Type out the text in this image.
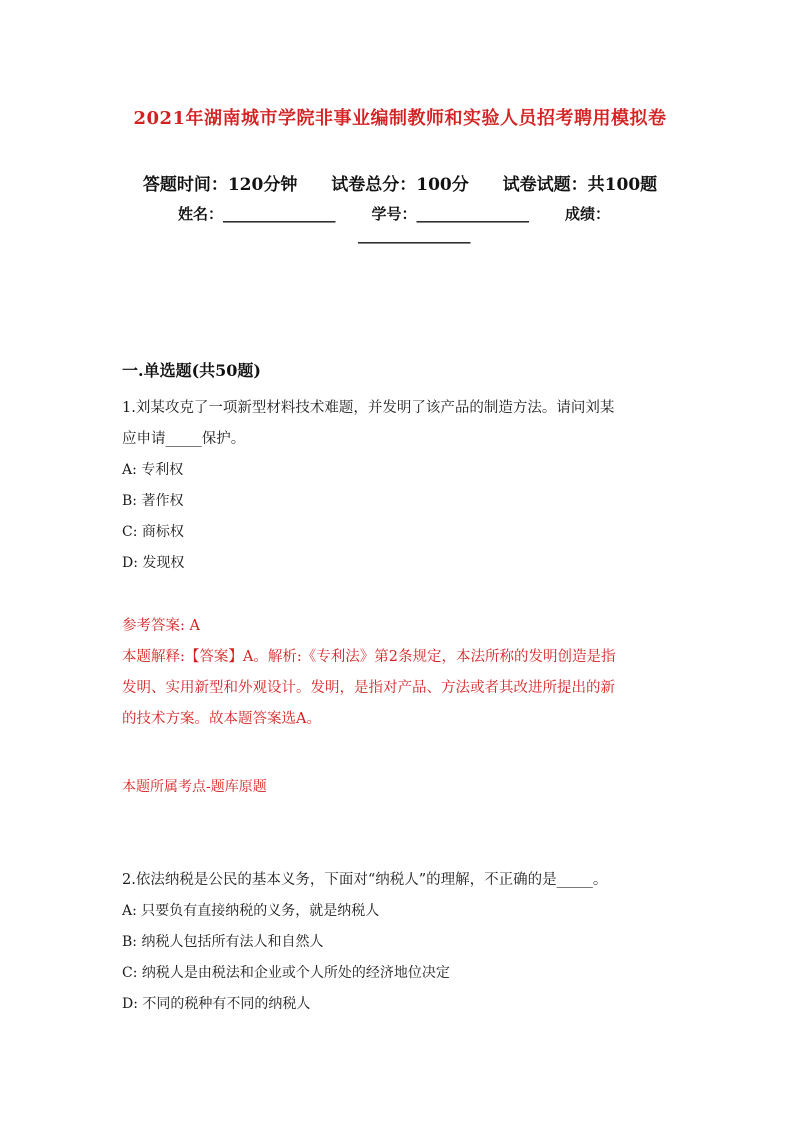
2021年湖南城市学院非事业编制教师和实验人员招考聘用模拟卷
答题时间：120分钟 试卷总分：100分 试卷试题：共100题
姓名：_______________ 学号：_______________ 成绩：
_______________
一.单选题(共50题)

1.刘某攻克了一项新型材料技术难题，并发明了该产品的制造方法。请问刘某

应申请_____保护。

A: 专利权

B: 著作权

C: 商标权

D: 发现权

参考答案: A

本题解释:【答案】A。解析:《专利法》第2条规定，本法所称的发明创造是指

发明、实用新型和外观设计。发明，是指对产品、方法或者其改进所提出的新

的技术方案。故本题答案选A。

本题所属考点-题库原题

2.依法纳税是公民的基本义务，下面对“纳税人”的理解，不正确的是_____。

A: 只要负有直接纳税的义务，就是纳税人

B: 纳税人包括所有法人和自然人

C: 纳税人是由税法和企业或个人所处的经济地位决定

D: 不同的税种有不同的纳税人
